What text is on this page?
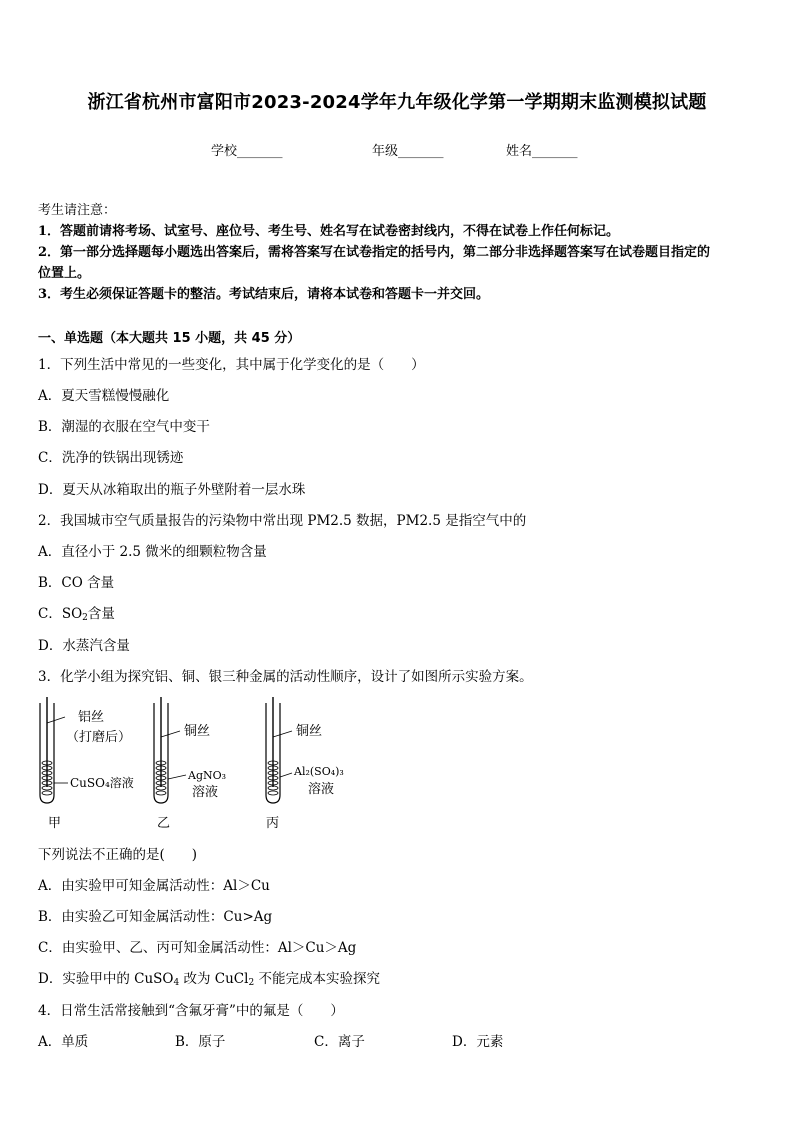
浙江省杭州市富阳市2023-2024学年九年级化学第一学期期末监测模拟试题
学校_______	年级_______	姓名_______
考生请注意：
1．答题前请将考场、试室号、座位号、考生号、姓名写在试卷密封线内，不得在试卷上作任何标记。
2．第一部分选择题每小题选出答案后，需将答案写在试卷指定的括号内，第二部分非选择题答案写在试卷题目指定的
位置上。
3．考生必须保证答题卡的整洁。考试结束后，请将本试卷和答题卡一并交回。
一、单选题（本大题共 15 小题，共 45 分）
1．下列生活中常见的一些变化，其中属于化学变化的是（　　）
A．夏天雪糕慢慢融化
B．潮湿的衣服在空气中变干
C．洗净的铁锅出现锈迹
D．夏天从冰箱取出的瓶子外壁附着一层水珠
2．我国城市空气质量报告的污染物中常出现 PM2.5 数据，PM2.5 是指空气中的
A．直径小于 2.5 微米的细颗粒物含量
B．CO 含量
C．$SO_2$含量
D．水蒸汽含量
3．化学小组为探究铝、铜、银三种金属的活动性顺序，设计了如图所示实验方案。
铝丝
（打磨后）
CuSO₄溶液
甲
铜丝
AgNO₃
溶液
乙
铜丝
Al₂(SO₄)₃
溶液
丙
下列说法不正确的是(　　)
A．由实验甲可知金属活动性：Al＞Cu
B．由实验乙可知金属活动性：Cu>Ag
C．由实验甲、乙、丙可知金属活动性：Al＞Cu＞Ag
D．实验甲中的 CuSO$_4$ 改为 CuCl$_2$ 不能完成本实验探究
4．日常生活常接触到“含氟牙膏”中的氟是（　　）
A．单质	B．原子	C．离子	D．元素
